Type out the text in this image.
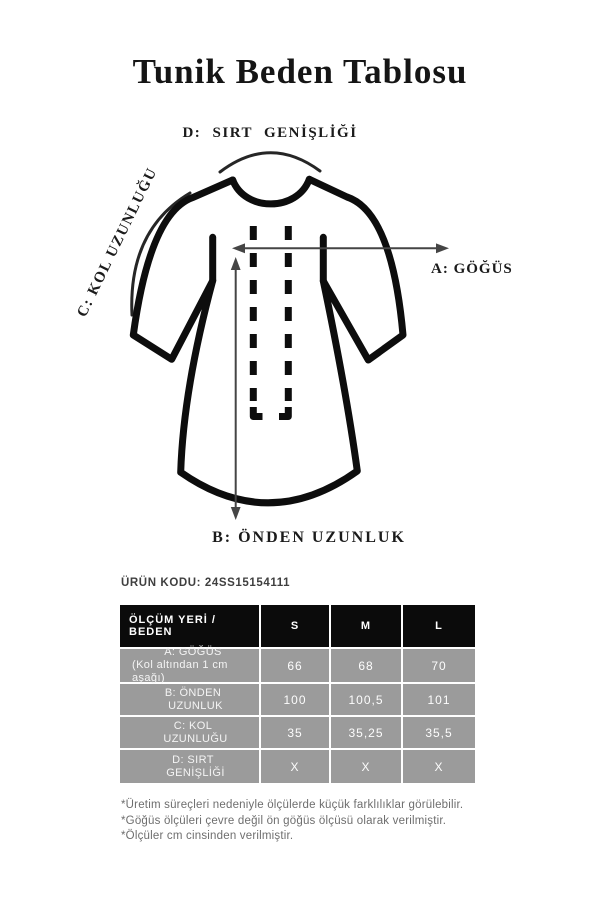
Tunik Beden Tablosu
D: SIRT GENİŞLİĞİ
C: KOL UZUNLUĞU	A: GÖĞÜS
B: ÖNDEN UZUNLUK
ÜRÜN KODU: 24SS15154111
ÖLÇÜM YERİ / BEDEN	S	M	L
A: GÖĞÜS
(Kol altından 1 cm aşağı)
66	68	70
B: ÖNDEN
UZUNLUK	100	100,5	101
C: KOL
UZUNLUĞU	35	35,25	35,5
D: SIRT
GENİŞLİĞİ	X	X	X
*Üretim süreçleri nedeniyle ölçülerde küçük farklılıklar görülebilir.
*Göğüs ölçüleri çevre değil ön göğüs ölçüsü olarak verilmiştir.
*Ölçüler cm cinsinden verilmiştir.
